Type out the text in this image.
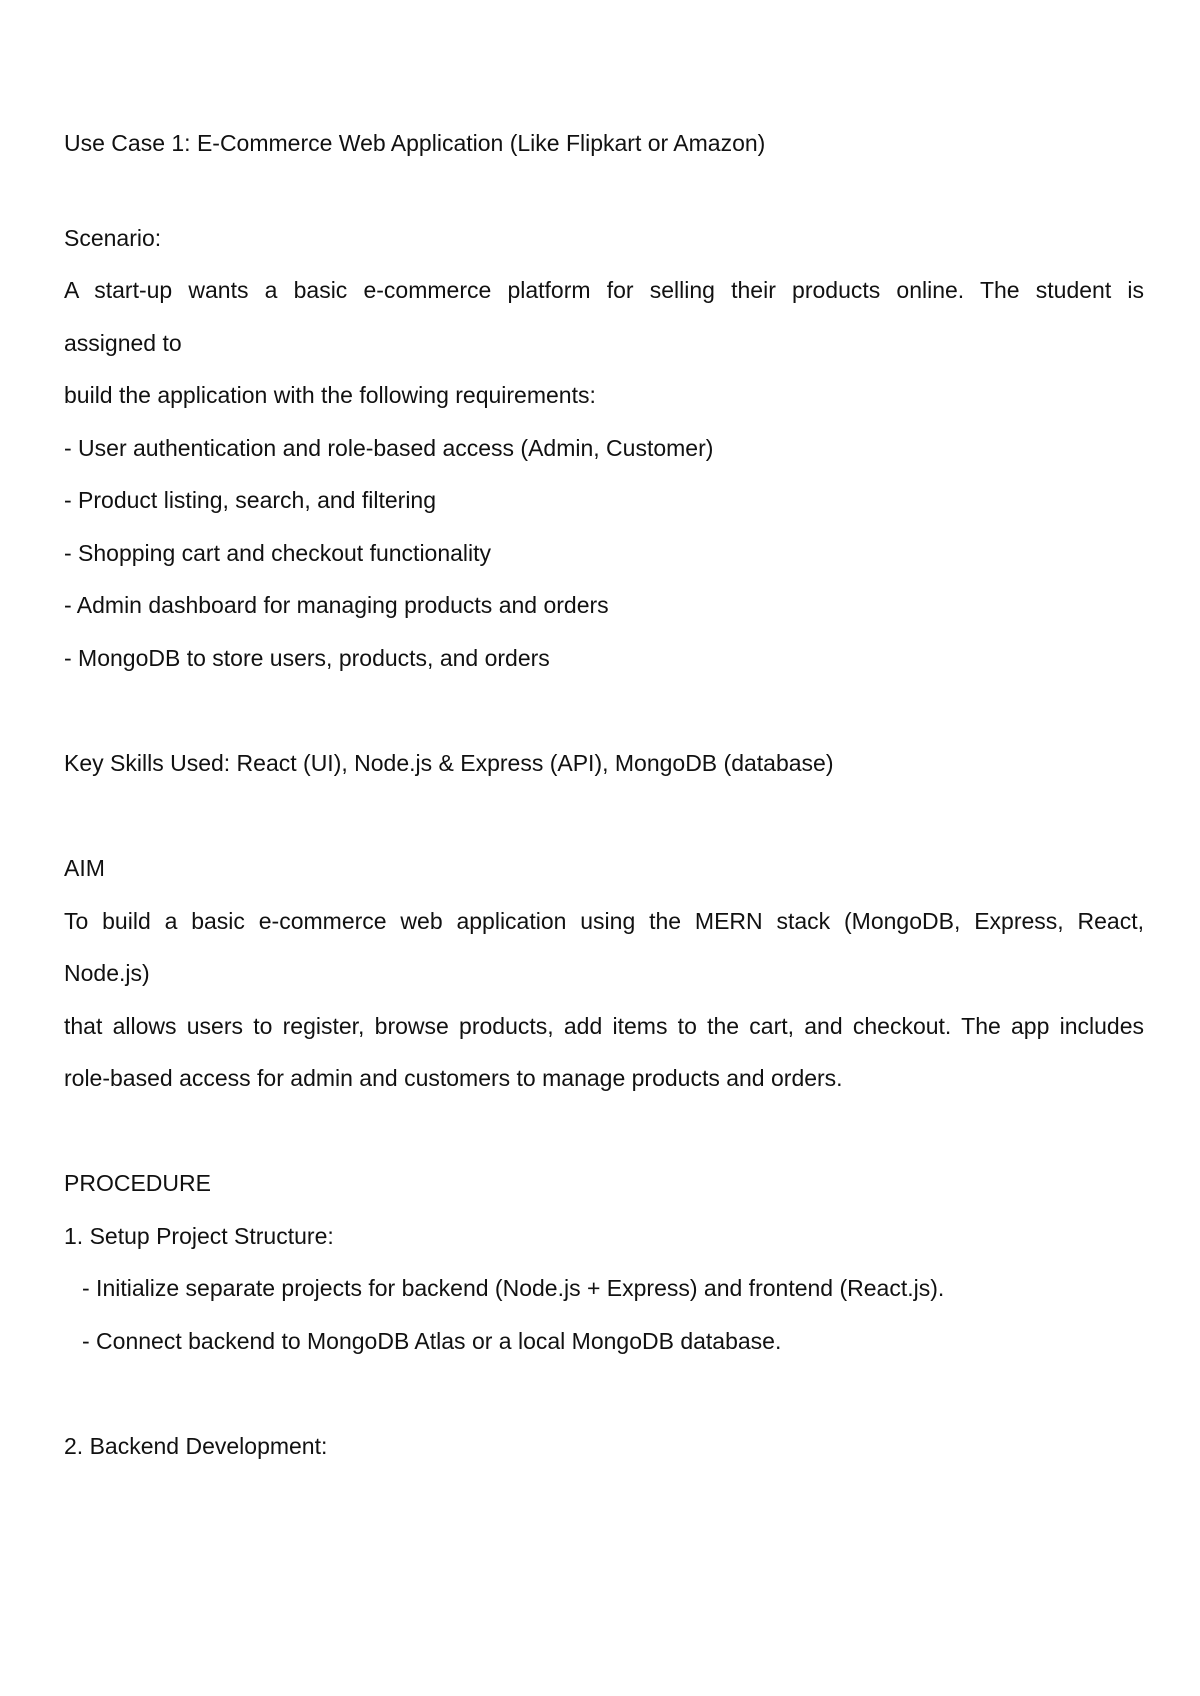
Use Case 1: E-Commerce Web Application (Like Flipkart or Amazon)
Scenario:
A start-up wants a basic e-commerce platform for selling their products online. The student is
assigned to
build the application with the following requirements:
- User authentication and role-based access (Admin, Customer)
- Product listing, search, and filtering
- Shopping cart and checkout functionality
- Admin dashboard for managing products and orders
- MongoDB to store users, products, and orders
Key Skills Used: React (UI), Node.js & Express (API), MongoDB (database)
AIM
To build a basic e-commerce web application using the MERN stack (MongoDB, Express, React,
Node.js)
that allows users to register, browse products, add items to the cart, and checkout. The app includes
role-based access for admin and customers to manage products and orders.
PROCEDURE
1. Setup Project Structure:
- Initialize separate projects for backend (Node.js + Express) and frontend (React.js).
- Connect backend to MongoDB Atlas or a local MongoDB database.
2. Backend Development:
